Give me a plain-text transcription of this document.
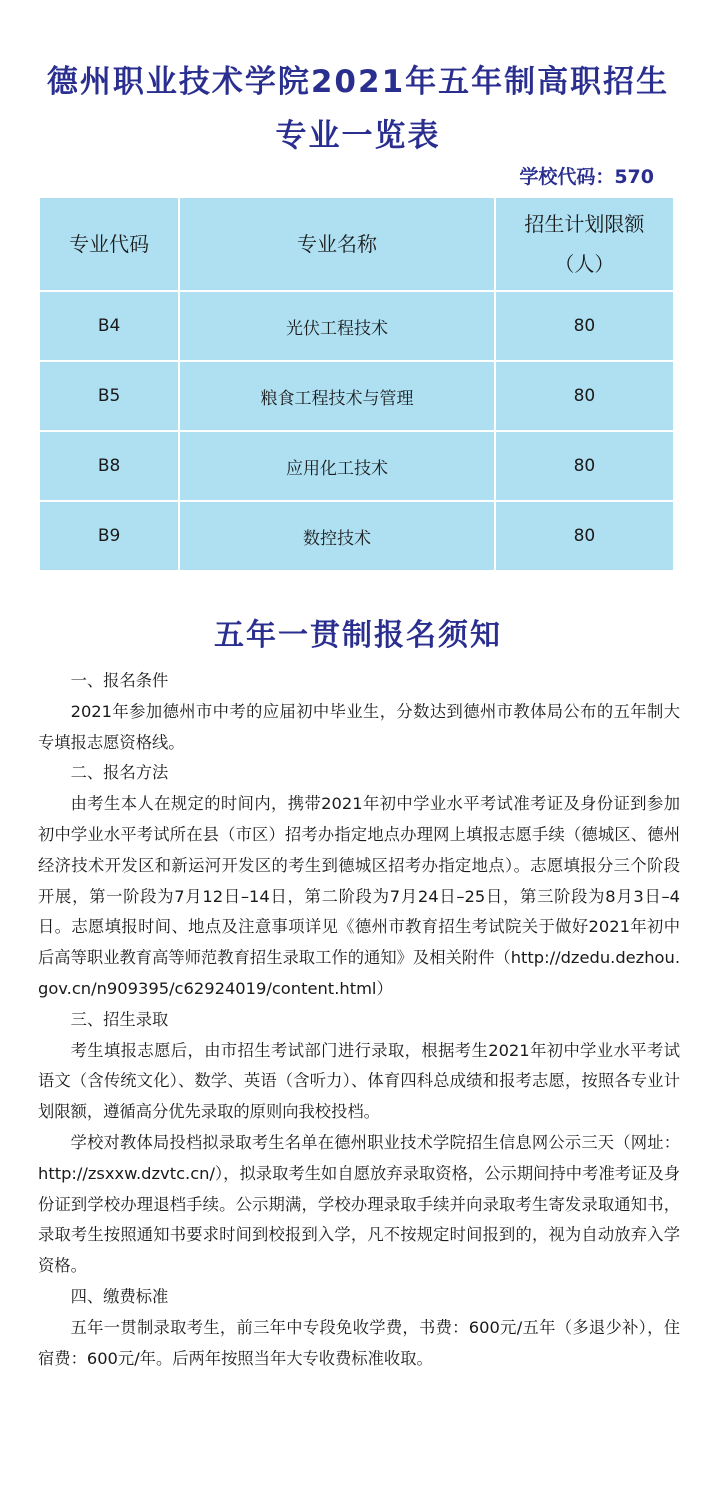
德州职业技术学院2021年五年制高职招生
专业一览表
学校代码：570
专业代码	专业名称	招生计划限额
（人）

B4	光伏工程技术	80
B5	粮食工程技术与管理	80
B8	应用化工技术	80
B9	数控技术	80
五年一贯制报名须知

一、报名条件

2021年参加德州市中考的应届初中毕业生，分数达到德州市教体局公布的五年制大专填报志愿资格线。

二、报名方法

由考生本人在规定的时间内，携带2021年初中学业水平考试准考证及身份证到参加初中学业水平考试所在县（市区）招考办指定地点办理网上填报志愿手续（德城区、德州经济技术开发区和新运河开发区的考生到德城区招考办指定地点）。志愿填报分三个阶段开展，第一阶段为7月12日–14日，第二阶段为7月24日–25日，第三阶段为8月3日–4日。志愿填报时间、地点及注意事项详见《德州市教育招生考试院关于做好2021年初中后高等职业教育高等师范教育招生录取工作的通知》及相关附件（http://dzedu.dezhou.gov.cn/n909395/c62924019/content.html）

三、招生录取

考生填报志愿后，由市招生考试部门进行录取，根据考生2021年初中学业水平考试语文（含传统文化）、数学、英语（含听力）、体育四科总成绩和报考志愿，按照各专业计划限额，遵循高分优先录取的原则向我校投档。

学校对教体局投档拟录取考生名单在德州职业技术学院招生信息网公示三天（网址：http://zsxxw.dzvtc.cn/），拟录取考生如自愿放弃录取资格，公示期间持中考准考证及身份证到学校办理退档手续。公示期满，学校办理录取手续并向录取考生寄发录取通知书，录取考生按照通知书要求时间到校报到入学，凡不按规定时间报到的，视为自动放弃入学资格。

四、缴费标准

五年一贯制录取考生，前三年中专段免收学费，书费：600元/五年（多退少补），住宿费：600元/年。后两年按照当年大专收费标准收取。
